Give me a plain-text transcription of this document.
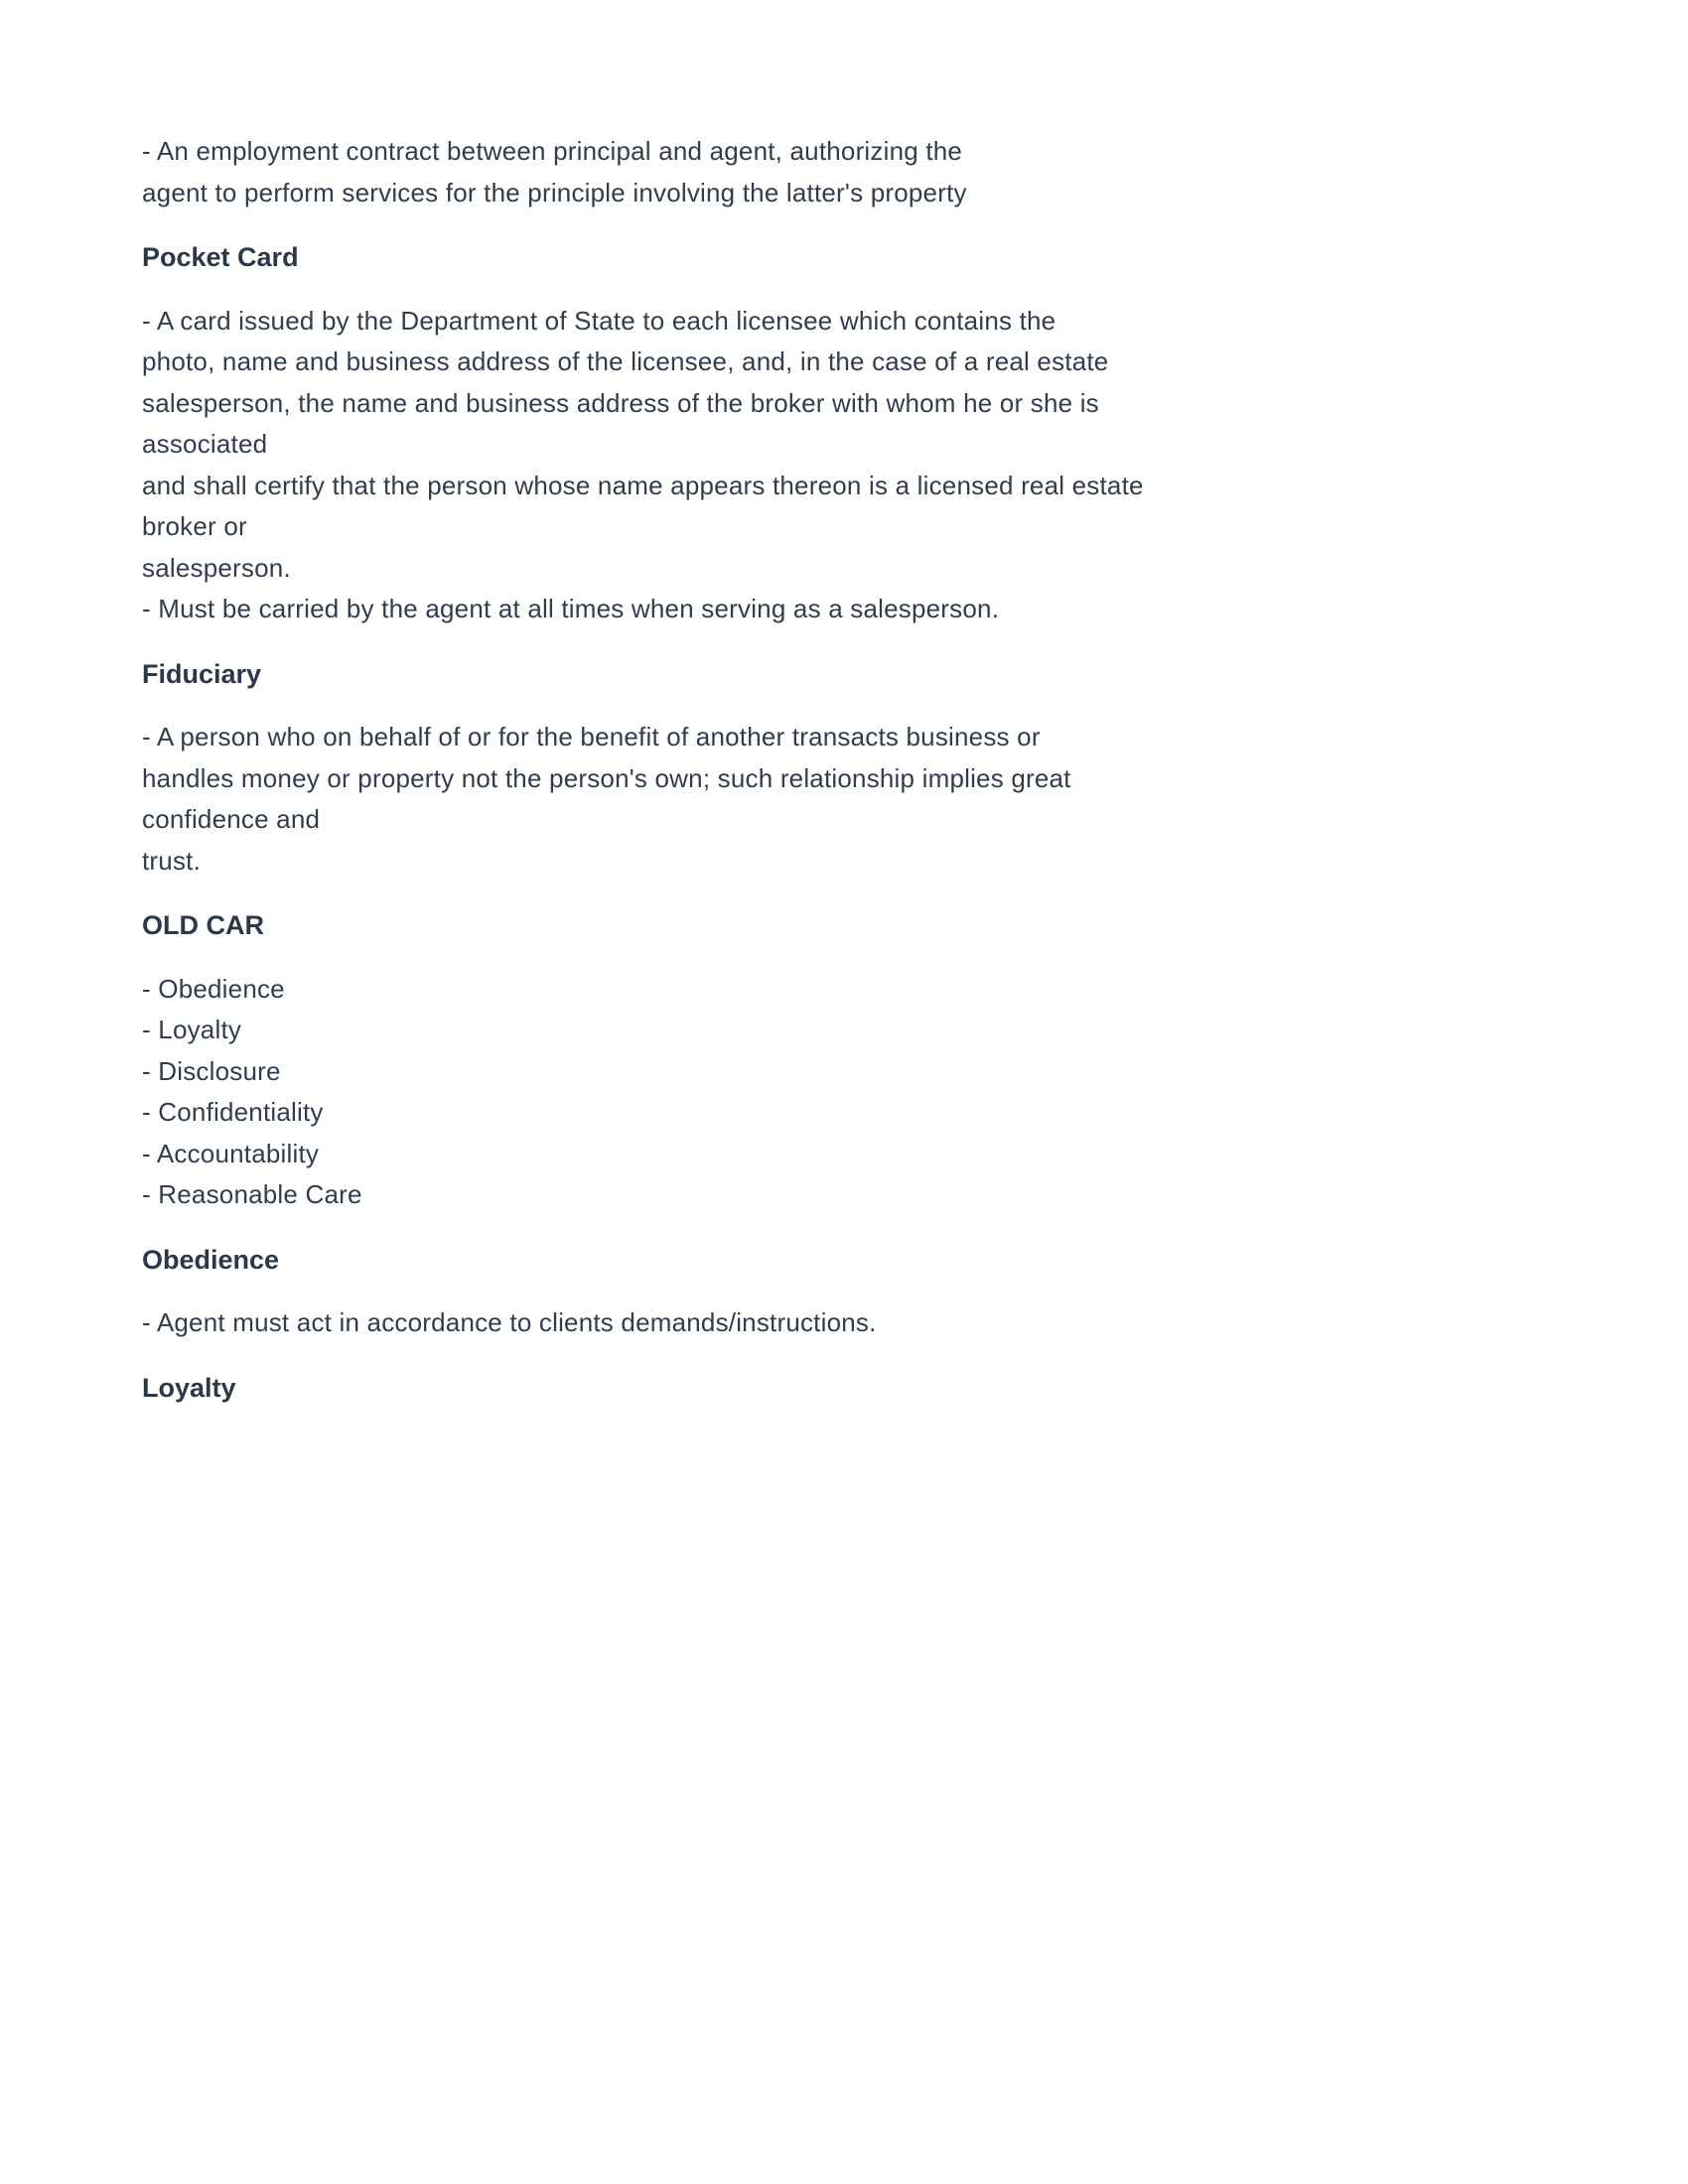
- An employment contract between principal and agent, authorizing the
agent to perform services for the principle involving the latter's property
Pocket Card
- A card issued by the Department of State to each licensee which contains the
photo, name and business address of the licensee, and, in the case of a real estate
salesperson, the name and business address of the broker with whom he or she is
associated
and shall certify that the person whose name appears thereon is a licensed real estate
broker or
salesperson.
- Must be carried by the agent at all times when serving as a salesperson.
Fiduciary
- A person who on behalf of or for the benefit of another transacts business or
handles money or property not the person's own; such relationship implies great
confidence and
trust.
OLD CAR
- Obedience
- Loyalty
- Disclosure
- Confidentiality
- Accountability
- Reasonable Care
Obedience
- Agent must act in accordance to clients demands/instructions.
Loyalty
